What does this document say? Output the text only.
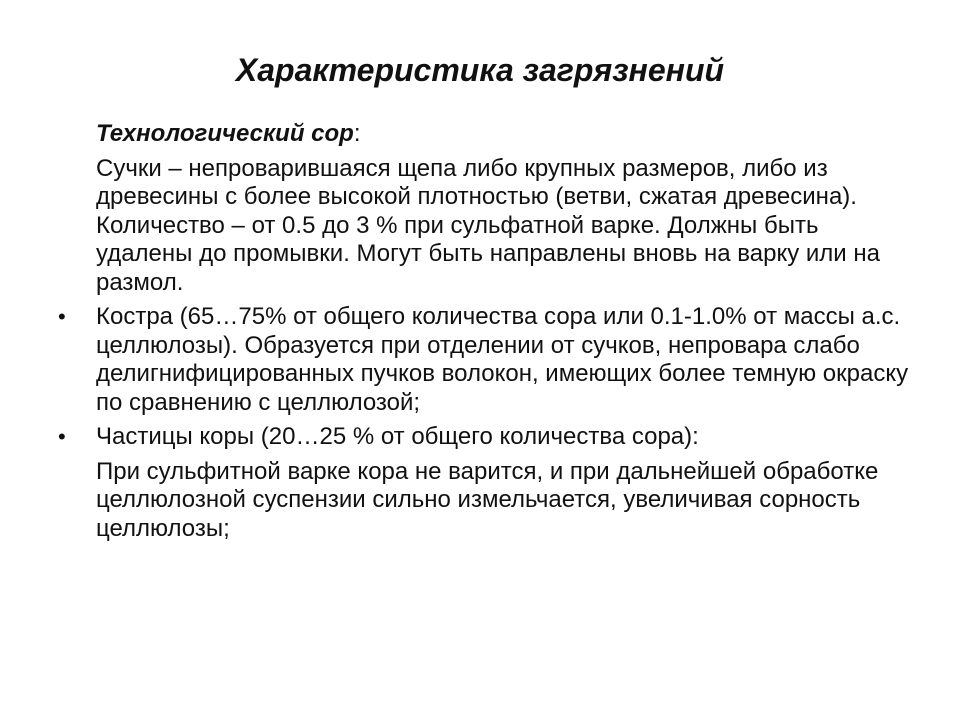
Характеристика загрязнений

Технологический сор:

Сучки – непроварившаяся щепа либо крупных размеров, либо из древесины с более высокой плотностью (ветви, сжатая древесина). Количество – от 0.5 до 3 % при сульфатной варке. Должны быть удалены до промывки. Могут быть направлены вновь на варку или на размол.

• Костра (65…75% от общего количества сора или 0.1-1.0% от массы а.с. целлюлозы). Образуется при отделении от сучков, непровара слабо делигнифицированных пучков волокон, имеющих более темную окраску по сравнению с целлюлозой;

• Частицы коры (20…25 % от общего количества сора):

При сульфитной варке кора не варится, и при дальнейшей обработке целлюлозной суспензии сильно измельчается, увеличивая сорность целлюлозы;
